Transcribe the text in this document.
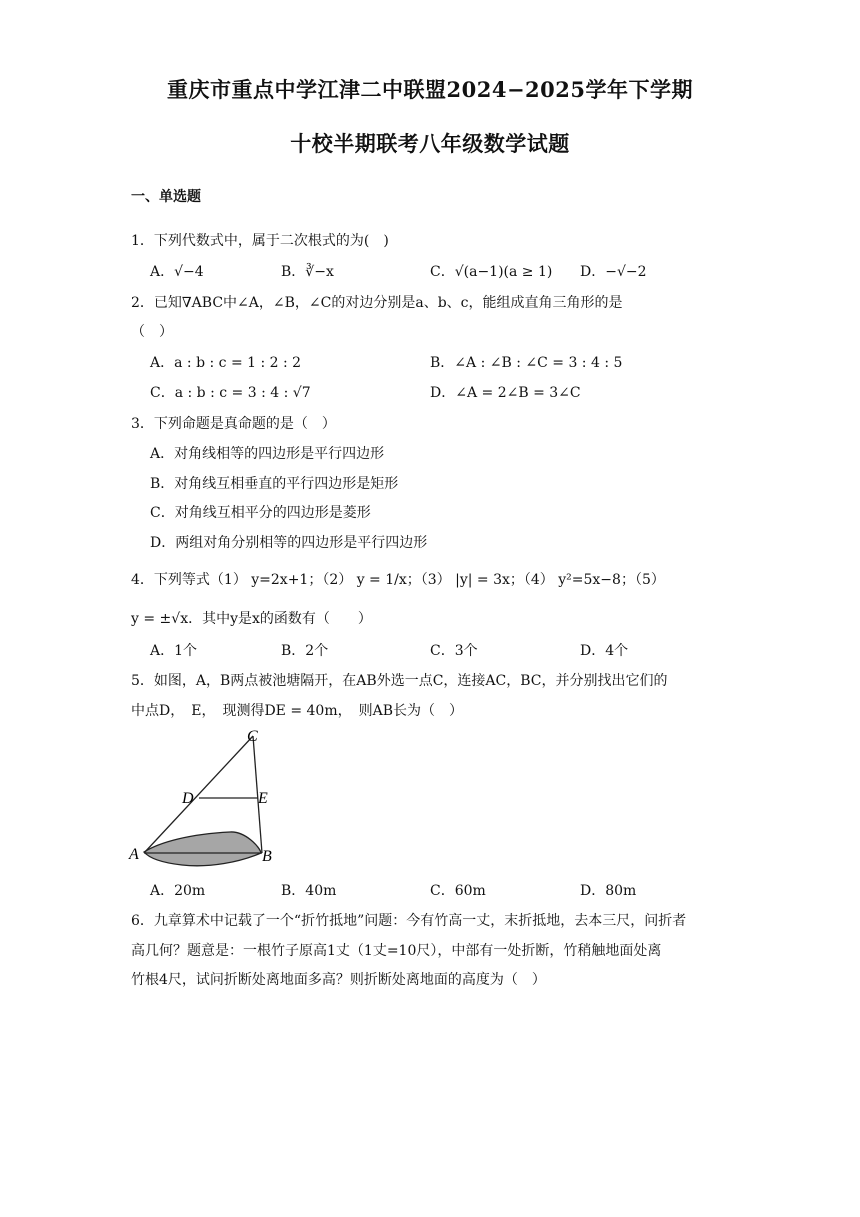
重庆市重点中学江津二中联盟2024−2025学年下学期
十校半期联考八年级数学试题
一、单选题
1．下列代数式中，属于二次根式的为(　)
A．√−4	B．∛−x	C．√(a−1)(a ≥ 1) D．−√−2
2．已知∇ABC中∠A，∠B，∠C的对边分别是a、b、c，能组成直角三角形的是
（　）
A．a : b : c = 1 : 2 : 2	B．∠A : ∠B : ∠C = 3 : 4 : 5
C．a : b : c = 3 : 4 : √7	D．∠A = 2∠B = 3∠C
3．下列命题是真命题的是（　）
A．对角线相等的四边形是平行四边形
B．对角线互相垂直的平行四边形是矩形
C．对角线互相平分的四边形是菱形
D．两组对角分别相等的四边形是平行四边形
4．下列等式（1） y=2x+1；（2） y = 1/x；（3） |y| = 3x；（4） y²=5x−8；（5）
y = ±√x．其中y是x的函数有（　　）
A．1个	B．2个	C．3个	D．4个
5．如图，A，B两点被池塘隔开，在AB外选一点C，连接AC，BC，并分别找出它们的
中点D，　E，　现测得DE = 40m，　则AB长为（　）
C
D	E
A	B
A．20m	B．40m	C．60m	D．80m
6．九章算术中记载了一个“折竹抵地”问题：今有竹高一丈，末折抵地，去本三尺，问折者
高几何？题意是：一根竹子原高1丈（1丈=10尺），中部有一处折断，竹稍触地面处离
竹根4尺，试问折断处离地面多高？则折断处离地面的高度为（　）
